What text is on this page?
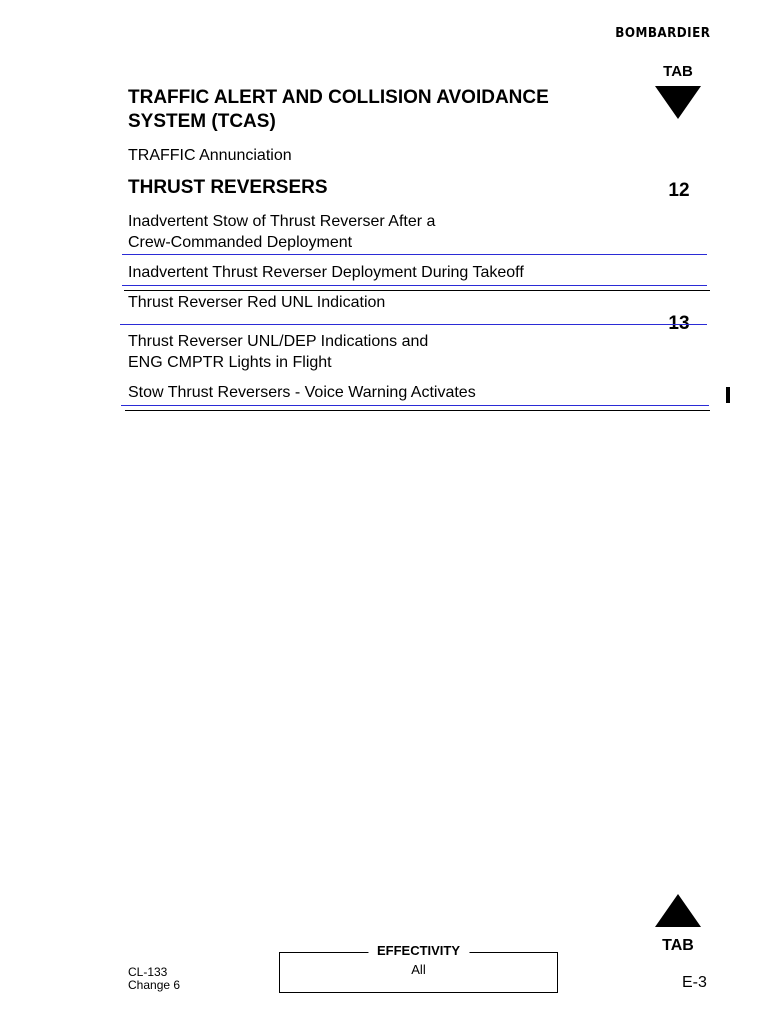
BOMBARDIER
TAB
TRAFFIC ALERT AND COLLISION AVOIDANCE
SYSTEM (TCAS)
TRAFFIC Annunciation
THRUST REVERSERS	12
Inadvertent Stow of Thrust Reverser After a
Crew-Commanded Deployment
Inadvertent Thrust Reverser Deployment During Takeoff
Thrust Reverser Red UNL Indication
13
Thrust Reverser UNL/DEP Indications and
ENG CMPTR Lights in Flight
Stow Thrust Reversers - Voice Warning Activates
TAB
CL-133
Change 6
EFFECTIVITY
All
E-3
